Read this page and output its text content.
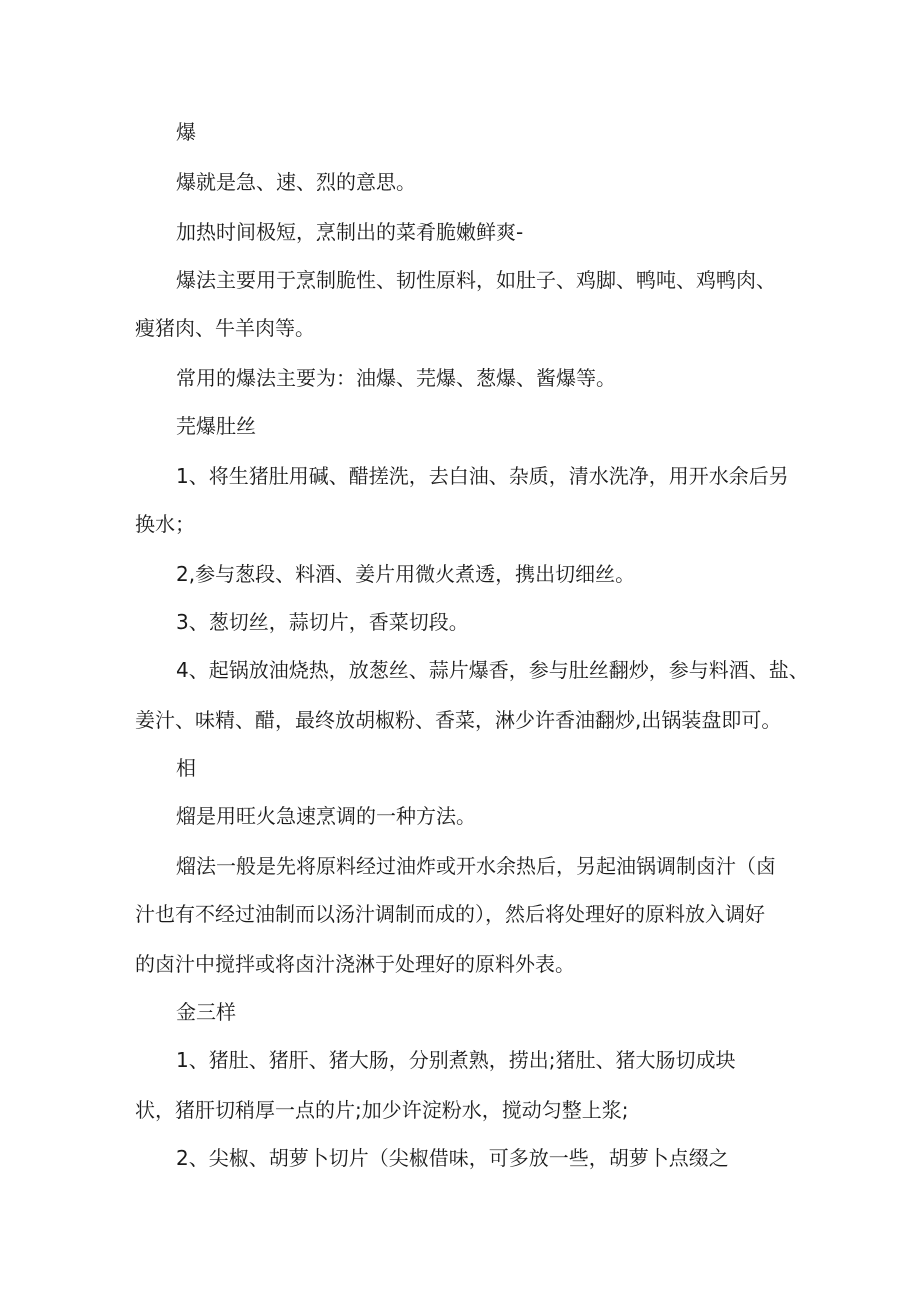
爆

爆就是急、速、烈的意思。

加热时间极短，烹制出的菜肴脆嫩鲜爽-

爆法主要用于烹制脆性、韧性原料，如肚子、鸡脚、鸭吨、鸡鸭肉、

瘦猪肉、牛羊肉等。

常用的爆法主要为：油爆、芫爆、葱爆、酱爆等。

芫爆肚丝

1、将生猪肚用碱、醋搓洗，去白油、杂质，清水洗净，用开水余后另

换水；

2,参与葱段、料酒、姜片用微火煮透，携出切细丝。

3、葱切丝，蒜切片，香菜切段。

4、起锅放油烧热，放葱丝、蒜片爆香，参与肚丝翻炒，参与料酒、盐、

姜汁、味精、醋，最终放胡椒粉、香菜，淋少许香油翻炒,出锅装盘即可。

相

熘是用旺火急速烹调的一种方法。

熘法一般是先将原料经过油炸或开水余热后，另起油锅调制卤汁（卤

汁也有不经过油制而以汤汁调制而成的），然后将处理好的原料放入调好

的卤汁中搅拌或将卤汁浇淋于处理好的原料外表。

金三样

1、猪肚、猪肝、猪大肠，分别煮熟，捞出;猪肚、猪大肠切成块

状，猪肝切稍厚一点的片;加少许淀粉水，搅动匀整上浆;

2、尖椒、胡萝卜切片（尖椒借味，可多放一些，胡萝卜点缀之
